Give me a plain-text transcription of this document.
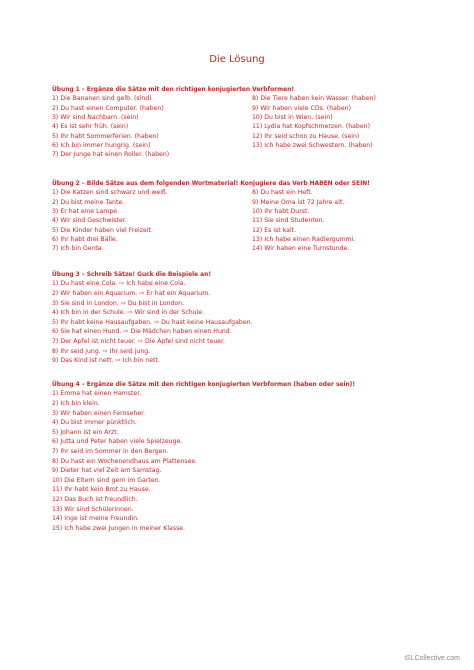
Die Lösung
Übung 1 – Ergänze die Sätze mit den richtigen konjugierten Verbformen!
1) Die Bananen sind gelb. (sind)
2) Du hast einen Computer. (haben)
3) Wir sind Nachbarn. (sein)
4) Es ist sehr früh. (sein)
5) Ihr habt Sommerferien. (haben)
6) Ich bin immer hungrig. (sein)
7) Der Junge hat einen Roller. (haben)
8) Die Tiere haben kein Wasser. (haben)
9) Wir haben viele CDs. (haben)
10) Du bist in Wien. (sein)
11) Lydia hat Kopfschmerzen. (haben)
12) Ihr seid schon zu Hause. (sein)
13) Ich habe zwei Schwestern. (haben)
Übung 2 – Bilde Sätze aus dem folgenden Wortmaterial! Konjugiere das Verb HABEN oder SEIN!
1) Die Katzen sind schwarz und weiß.
2) Du bist meine Tante.
3) Er hat eine Lampe.
4) Wir sind Geschwister.
5) Die Kinder haben viel Freizeit.
6) Ihr habt drei Bälle.
7) Ich bin Gerda.
8) Du hast ein Heft.
9) Meine Oma ist 72 Jahre alt.
10) Ihr habt Durst.
11) Sie sind Studenten.
12) Es ist kalt.
13) Ich habe einen Radiergummi.
14) Wir haben eine Turnstunde.
Übung 3 – Schreib Sätze! Guck die Beispiele an!
1) Du hast eine Cola. ⇨ Ich habe eine Cola.
2) Wir haben ein Aquarium. ⇨ Er hat ein Aquarium.
3) Sie sind in London. ⇨ Du bist in London.
4) Ich bin in der Schule. ⇨ Wir sind in der Schule.
5) Ihr habt keine Hausaufgaben. ⇨ Du hast keine Hausaufgaben.
6) Sie hat einen Hund. ⇨ Die Mädchen haben einen Hund.
7) Der Apfel ist nicht teuer. ⇨ Die Äpfel sind nicht teuer.
8) Ihr seid jung. ⇨ Ihr seid jung.
9) Das Kind ist nett. ⇨ Ich bin nett.
Übung 4 – Ergänze die Sätze mit den richtigen konjugierten Verbformen (haben oder sein)!
1) Emma hat einen Hamster.
2) Ich bin klein.
3) Wir haben einen Fernseher.
4) Du bist immer pünktlich.
5) Johann ist ein Arzt.
6) Jutta und Peter haben viele Spielzeuge.
7) Ihr seid im Sommer in den Bergen.
8) Du hast ein Wochenendhaus am Plattensee.
9) Dieter hat viel Zeit am Samstag.
10) Die Eltern sind gern im Garten.
11) Ihr habt kein Brot zu Hause.
12) Das Buch ist freundlich.
13) Wir sind Schülerinnen.
14) Inge ist meine Freundin.
15) Ich habe zwei Jungen in meiner Klasse.
iSLCollective.com
